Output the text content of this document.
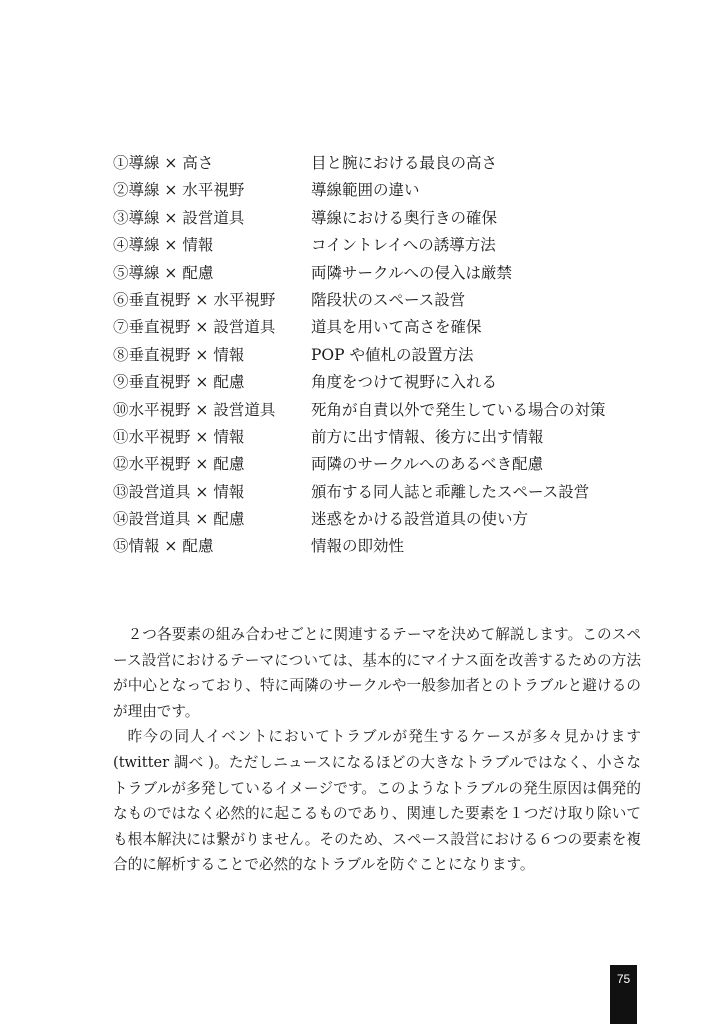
①導線 × 高さ	目と腕における最良の高さ
②導線 × 水平視野	導線範囲の違い
③導線 × 設営道具	導線における奥行きの確保
④導線 × 情報	コイントレイへの誘導方法
⑤導線 × 配慮	両隣サークルへの侵入は厳禁
⑥垂直視野 × 水平視野	階段状のスペース設営
⑦垂直視野 × 設営道具	道具を用いて高さを確保
⑧垂直視野 × 情報	POP や値札の設置方法
⑨垂直視野 × 配慮	角度をつけて視野に入れる
⑩水平視野 × 設営道具	死角が自責以外で発生している場合の対策
⑪水平視野 × 情報	前方に出す情報、後方に出す情報
⑫水平視野 × 配慮	両隣のサークルへのあるべき配慮
⑬設営道具 × 情報	頒布する同人誌と乖離したスペース設営
⑭設営道具 × 配慮	迷惑をかける設営道具の使い方
⑮情報 × 配慮	情報の即効性

２つ各要素の組み合わせごとに関連するテーマを決めて解説します。このスペース設営におけるテーマについては、基本的にマイナス面を改善するための方法が中心となっており、特に両隣のサークルや一般参加者とのトラブルと避けるのが理由です。

昨今の同人イベントにおいてトラブルが発生するケースが多々見かけます (twitter 調べ )。ただしニュースになるほどの大きなトラブルではなく、小さなトラブルが多発しているイメージです。このようなトラブルの発生原因は偶発的なものではなく必然的に起こるものであり、関連した要素を１つだけ取り除いても根本解決には繋がりません。そのため、スペース設営における６つの要素を複合的に解析することで必然的なトラブルを防ぐことになります。

75
